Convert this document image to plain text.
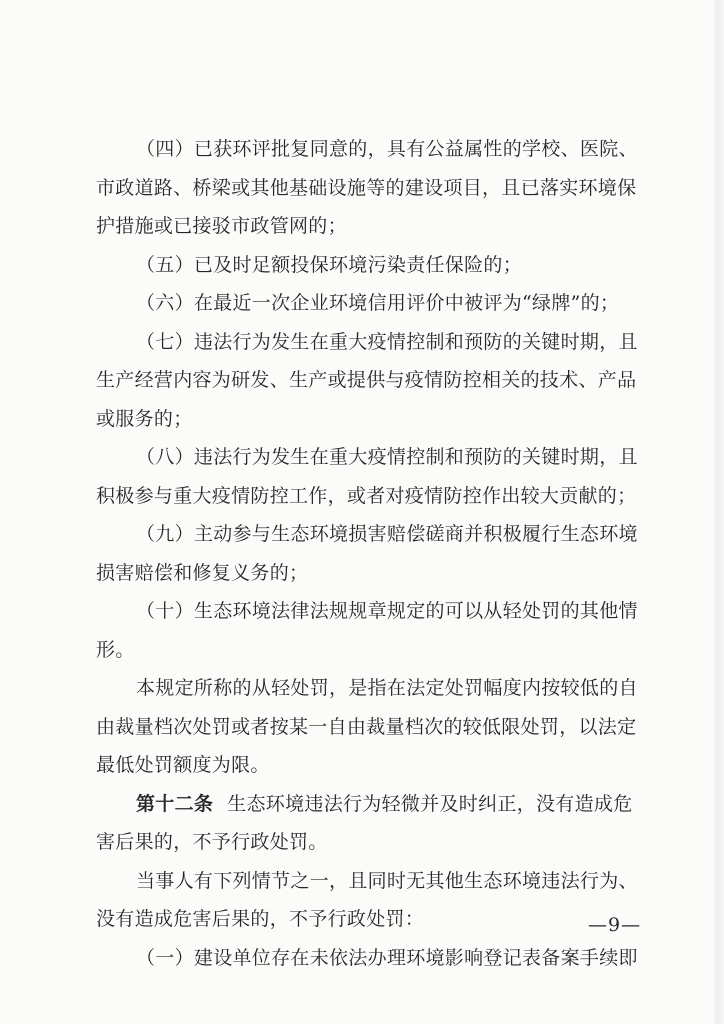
（四）已获环评批复同意的，具有公益属性的学校、医院、
市政道路、桥梁或其他基础设施等的建设项目，且已落实环境保
护措施或已接驳市政管网的；
（五）已及时足额投保环境污染责任保险的；
（六）在最近一次企业环境信用评价中被评为“绿牌”的；
（七）违法行为发生在重大疫情控制和预防的关键时期，且
生产经营内容为研发、生产或提供与疫情防控相关的技术、产品
或服务的；
（八）违法行为发生在重大疫情控制和预防的关键时期，且
积极参与重大疫情防控工作，或者对疫情防控作出较大贡献的；
（九）主动参与生态环境损害赔偿磋商并积极履行生态环境
损害赔偿和修复义务的；
（十）生态环境法律法规规章规定的可以从轻处罚的其他情
形。
本规定所称的从轻处罚，是指在法定处罚幅度内按较低的自
由裁量档次处罚或者按某一自由裁量档次的较低限处罚，以法定
最低处罚额度为限。
第十二条 生态环境违法行为轻微并及时纠正，没有造成危
害后果的，不予行政处罚。
当事人有下列情节之一，且同时无其他生态环境违法行为、
没有造成危害后果的，不予行政处罚：
（一）建设单位存在未依法办理环境影响登记表备案手续即
—9—
